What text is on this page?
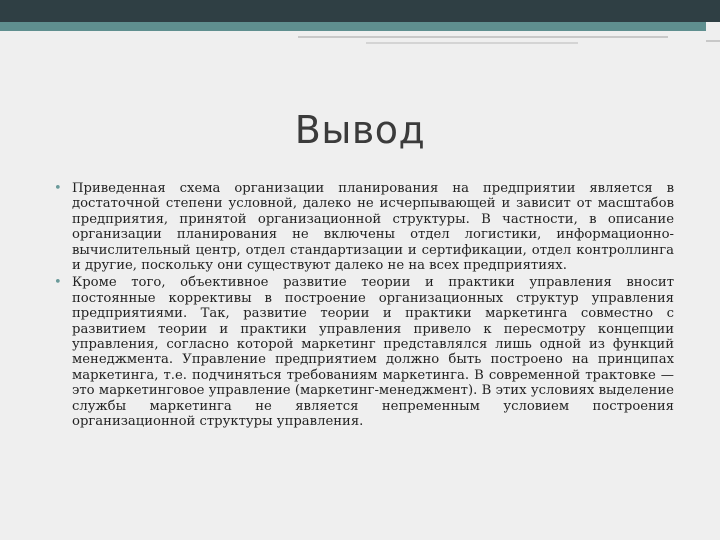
Вывод
• Приведенная схема организации планирования на предприятии является в достаточной степени условной, далеко не исчерпывающей и зависит от масштабов предприятия, принятой организационной структуры. В частности, в описание организации планирования не включены отдел логистики, информационно-вычислительный центр, отдел стандартизации и сертификации, отдел контроллинга и другие, поскольку они существуют далеко не на всех предприятиях.
• Кроме того, объективное развитие теории и практики управления вносит постоянные коррективы в построение организационных структур управления предприятиями. Так, развитие теории и практики маркетинга совместно с развитием теории и практики управления привело к пересмотру концепции управления, согласно которой маркетинг представлялся лишь одной из функций менеджмента. Управление предприятием должно быть построено на принципах маркетинга, т.е. подчиняться требованиям маркетинга. В современной трактовке — это маркетинговое управление (маркетинг-менеджмент). В этих условиях выделение службы маркетинга не является непременным условием построения организационной структуры управления.
